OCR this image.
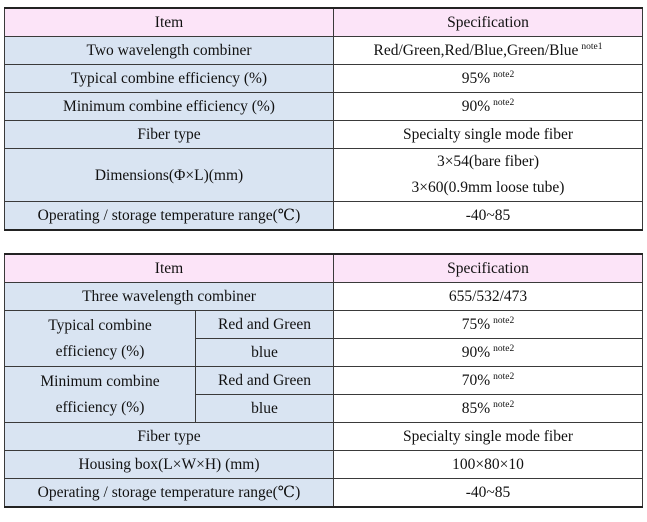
Item	Specification
Two wavelength combiner	Red/Green,Red/Blue,Green/Blue $^{note1}$
Typical combine efficiency (%)	95% $^{note2}$
Minimum combine efficiency (%)	90% $^{note2}$
Fiber type	Specialty single mode fiber
Dimensions(Φ×L)(mm)	3×54(bare fiber)
3×60(0.9mm loose tube)

Operating / storage temperature range(℃)	-40~85
Item		Specification
Three wavelength combiner		655/532/473

Typical combine
efficiency (%)	Red and Green	75% $^{note2}$
	blue	90% $^{note2}$

Minimum combine
efficiency (%)	Red and Green	70% $^{note2}$
	blue	85% $^{note2}$
Fiber type		Specialty single mode fiber
Housing box(L×W×H) (mm)		100×80×10
Operating / storage temperature range(℃)		-40~85
